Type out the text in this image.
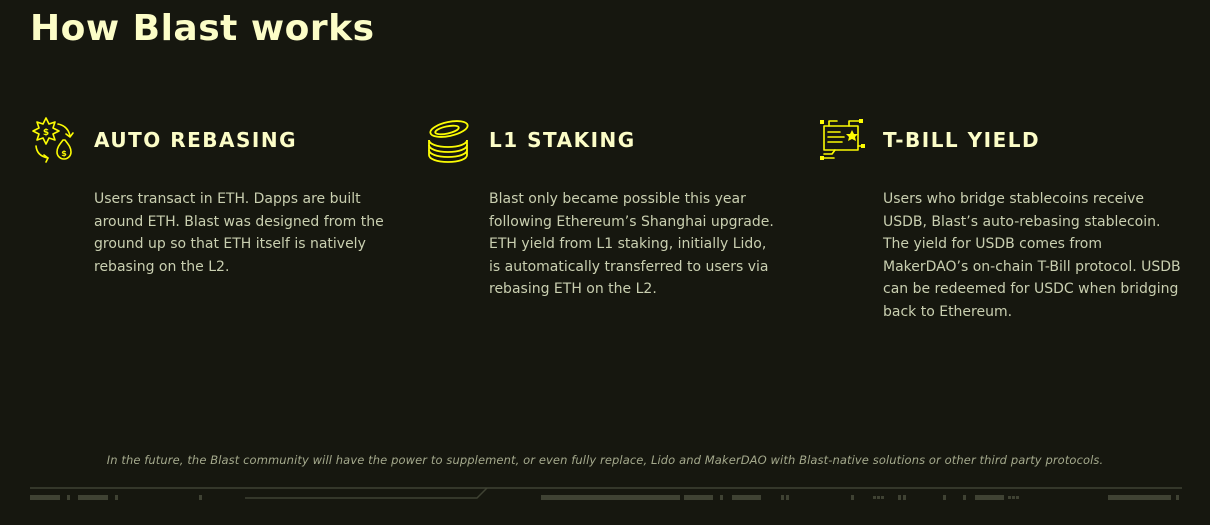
How Blast works
$
$
AUTO REBASING

Users transact in ETH. Dapps are built around ETH. Blast was designed from the ground up so that ETH itself is natively rebasing on the L2.

L1 STAKING

Blast only became possible this year following Ethereum’s Shanghai upgrade. ETH yield from L1 staking, initially Lido, is automatically transferred to users via rebasing ETH on the L2.

T-BILL YIELD

Users who bridge stablecoins receive USDB, Blast’s auto-rebasing stablecoin. The yield for USDB comes from MakerDAO’s on-chain T-Bill protocol. USDB can be redeemed for USDC when bridging back to Ethereum.

In the future, the Blast community will have the power to supplement, or even fully replace, Lido and MakerDAO with Blast-native solutions or other third party protocols.
